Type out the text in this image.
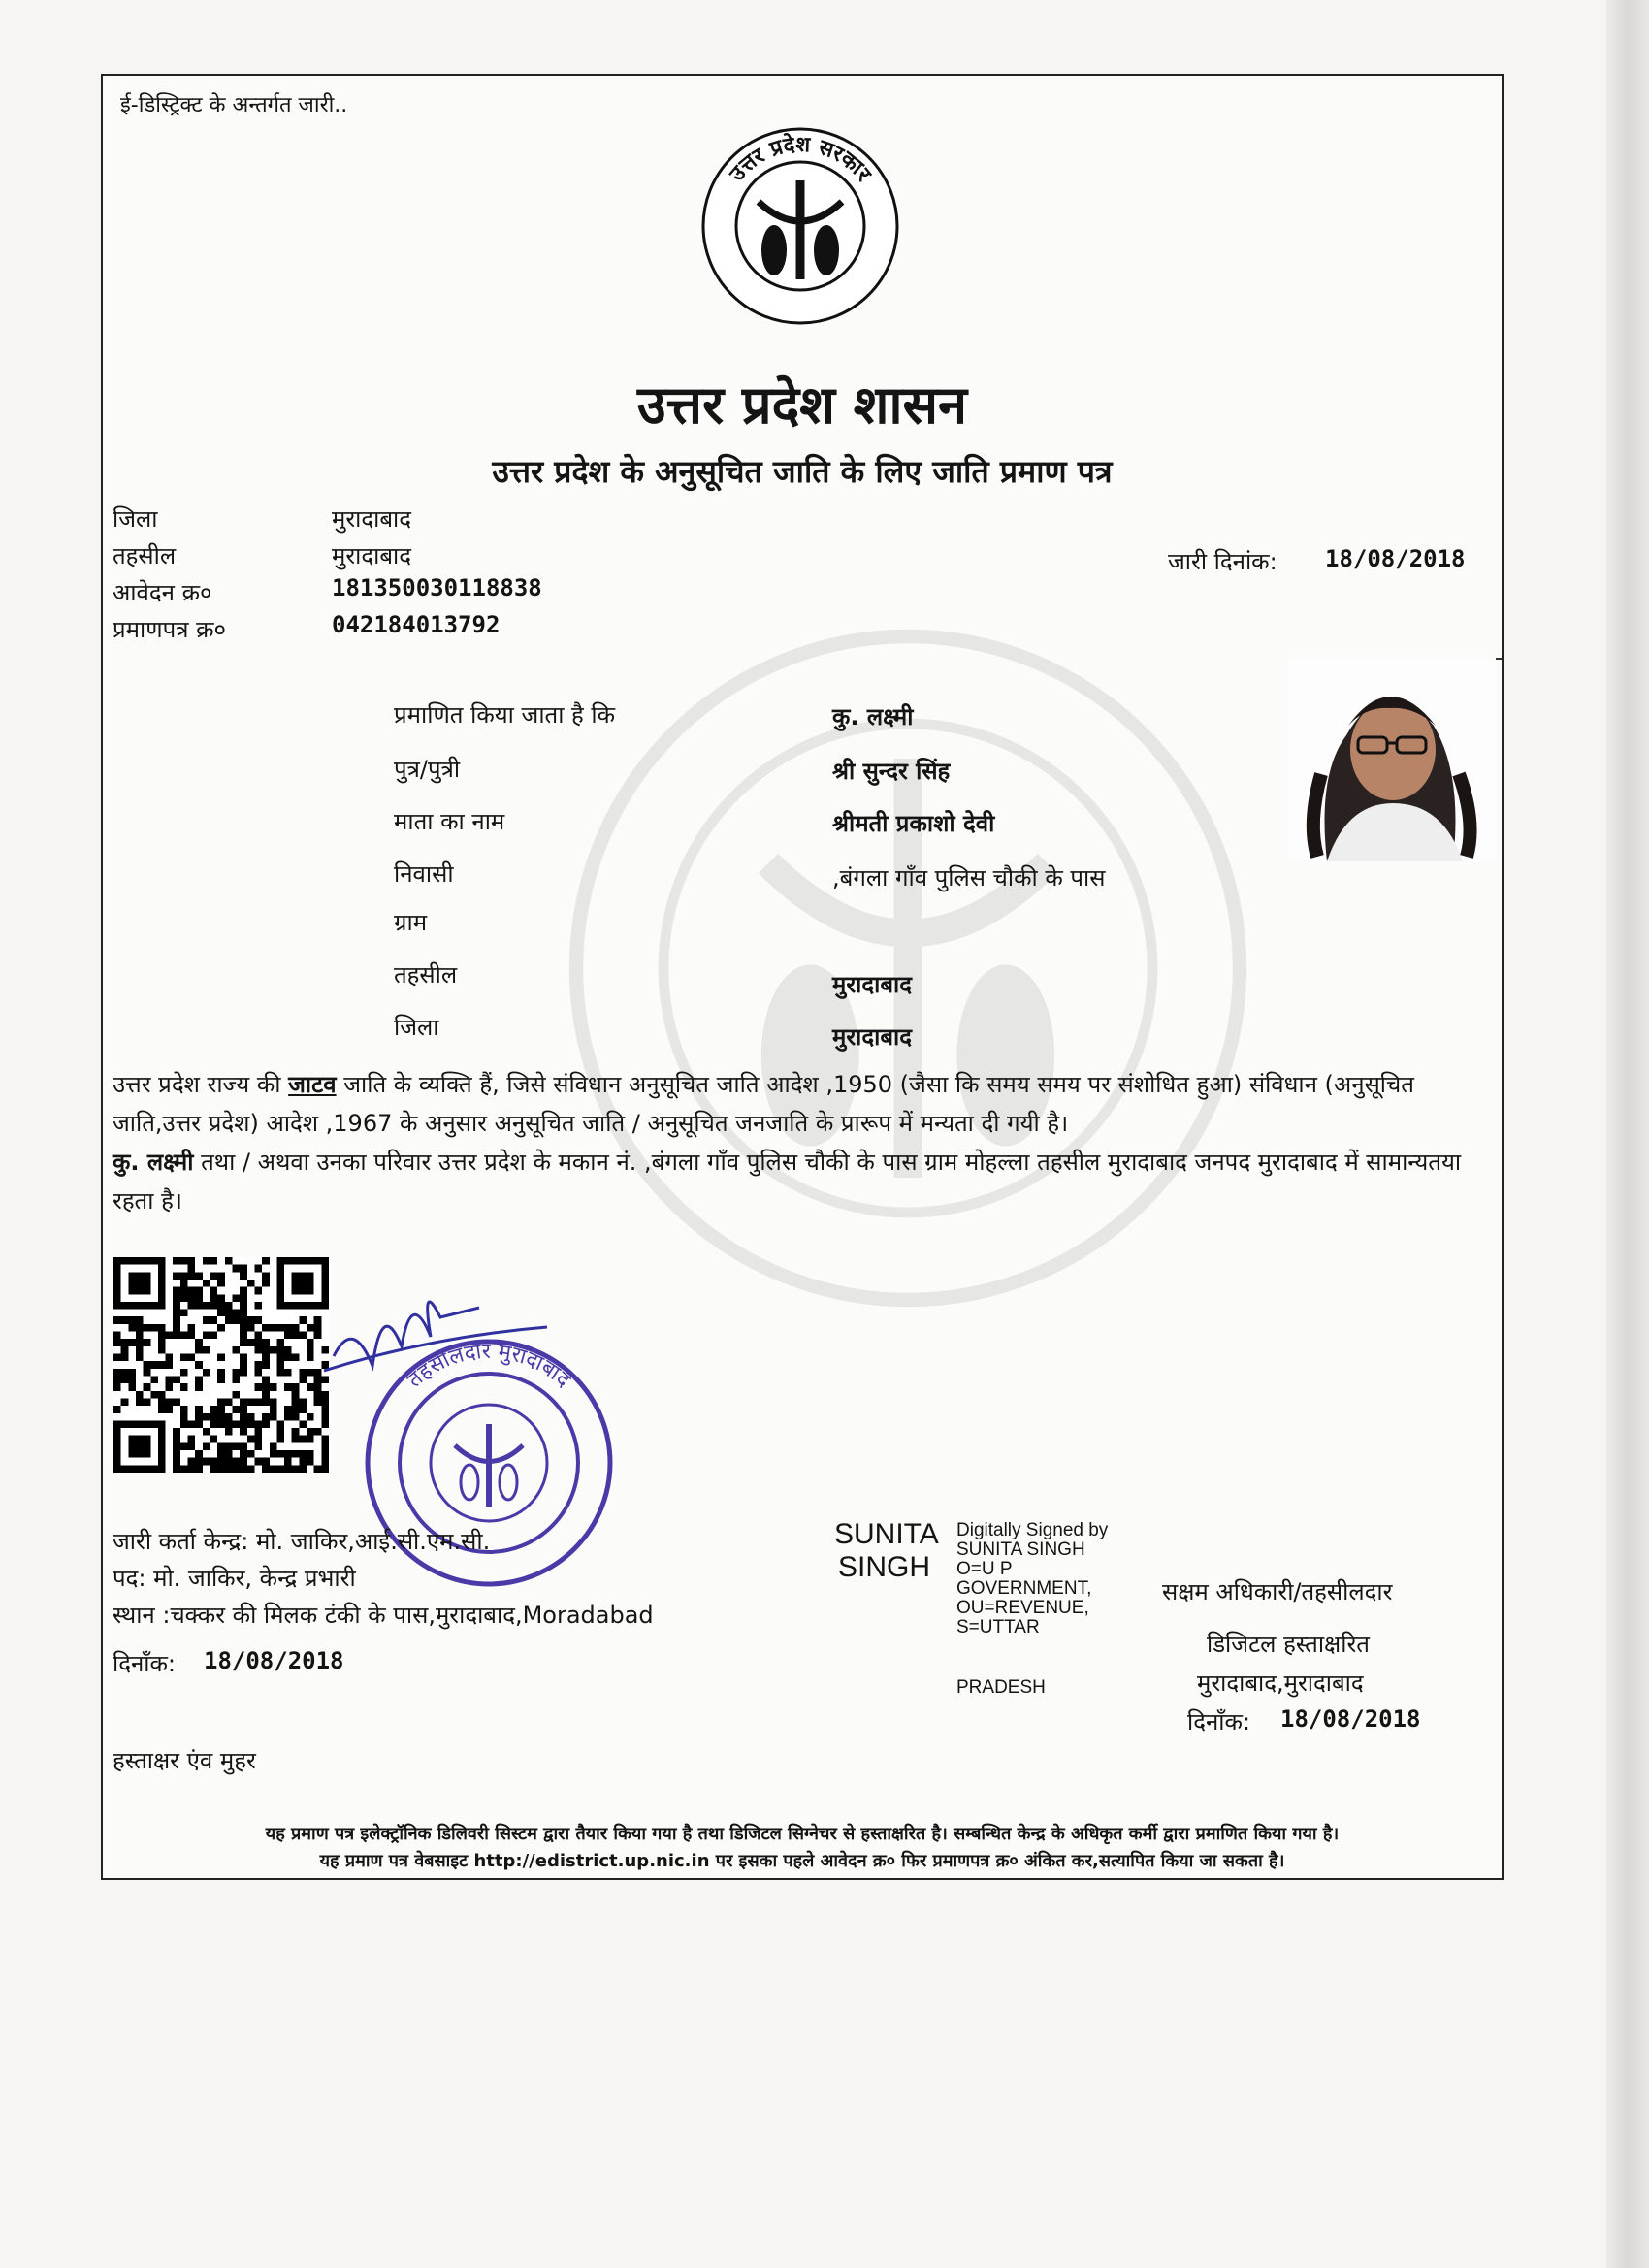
ई-डिस्ट्रिक्ट के अन्तर्गत जारी..
उत्तर प्रदेश सरकार
उत्तर प्रदेश शासन
उत्तर प्रदेश के अनुसूचित जाति के लिए जाति प्रमाण पत्र
जिला	मुरादाबाद
तहसील	मुरादाबाद
आवेदन क्र०	181350030118838
प्रमाणपत्र क्र०	042184013792
जारी दिनांक: 18/08/2018
प्रमाणित किया जाता है कि	कु. लक्ष्मी
पुत्र/पुत्री	श्री सुन्दर सिंह
माता का नाम	श्रीमती प्रकाशो देवी
निवासी	,बंगला गाँव पुलिस चौकी के पास
ग्राम
तहसील	मुरादाबाद
जिला	मुरादाबाद
उत्तर प्रदेश राज्य की जाटव जाति के व्यक्ति हैं, जिसे संविधान अनुसूचित जाति आदेश ,1950 (जैसा कि समय समय पर संशोधित हुआ) संविधान (अनुसूचित जाति,उत्तर प्रदेश) आदेश ,1967 के अनुसार अनुसूचित जाति / अनुसूचित जनजाति के प्रारूप में मन्यता दी गयी है।
कु. लक्ष्मी तथा / अथवा उनका परिवार उत्तर प्रदेश के मकान नं. ,बंगला गाँव पुलिस चौकी के पास ग्राम मोहल्ला तहसील मुरादाबाद जनपद मुरादाबाद में सामान्यतया रहता है।
तहसीलदार मुरादाबाद
जारी कर्ता केन्द्र: मो. जाकिर,आई.सी.एम.सी.
पद: मो. जाकिर, केन्द्र प्रभारी
स्थान :चक्कर की मिलक टंकी के पास,मुरादाबाद,Moradabad
दिनाँक: 18/08/2018
SUNITA
SINGH
Digitally Signed by
SUNITA SINGH
O=U P
GOVERNMENT,
OU=REVENUE,
S=UTTAR
PRADESH
सक्षम अधिकारी/तहसीलदार
डिजिटल हस्ताक्षरित
मुरादाबाद,मुरादाबाद
दिनाँक: 18/08/2018
हस्ताक्षर एंव मुहर
यह प्रमाण पत्र इलेक्ट्रॉनिक डिलिवरी सिस्टम द्वारा तैयार किया गया है तथा डिजिटल सिग्नेचर से हस्ताक्षरित है। सम्बन्धित केन्द्र के अधिकृत कर्मी द्वारा प्रमाणित किया गया है।
यह प्रमाण पत्र वेबसाइट http://edistrict.up.nic.in पर इसका पहले आवेदन क्र० फिर प्रमाणपत्र क्र० अंकित कर,सत्यापित किया जा सकता है।
